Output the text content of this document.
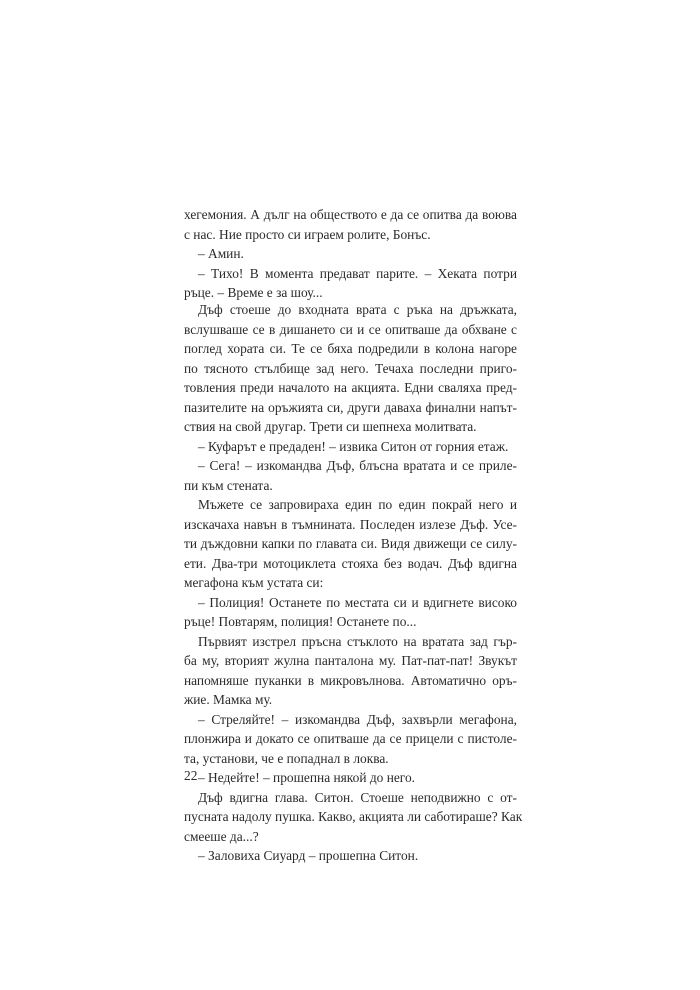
хегемония. А дълг на обществото е да се опитва да воюва
с нас. Ние просто си играем ролите, Бонъс.
– Амин.
– Тихо! В момента предават парите. – Хеката потри
ръце. – Време е за шоу...
Дъф стоеше до входната врата с ръка на дръжката,
вслушваше се в дишането си и се опитваше да обхване с
поглед хората си. Те се бяха подредили в колона нагоре
по тясното стълбище зад него. Течаха последни приго-
товления преди началото на акцията. Едни сваляха пред-
пазителите на оръжията си, други даваха финални напът-
ствия на свой другар. Трети си шепнеха молитвата.
– Куфарът е предаден! – извика Ситон от горния етаж.
– Сега! – изкомандва Дъф, блъсна вратата и се прилe-
пи към стената.
Мъжете се запровираха един по един покрай него и
изскачаха навън в тъмнината. Последен излезе Дъф. Усе-
ти дъждовни капки по главата си. Видя движещи се силу-
ети. Два-три мотоциклета стояха без водач. Дъф вдигна
мегафона към устата си:
– Полиция! Останете по местата си и вдигнете високо
ръце! Повтарям, полиция! Останете по...
Първият изстрел пръсна стъклото на вратата зад гър-
ба му, вторият жулна панталона му. Пат-пат-пат! Звукът
напомняше пуканки в микровълнова. Автоматично оръ-
жие. Мамка му.
– Стреляйте! – изкомандва Дъф, захвърли мегафона,
плонжира и докато се опитваше да се прицели с пистоле-
та, установи, че е попаднал в локва.
– Недейте! – прошепна някой до него.
Дъф вдигна глава. Ситон. Стоеше неподвижно с от-
пусната надолу пушка. Какво, акцията ли саботираше? Как
смееше да...?
– Заловиха Сиуард – прошепна Ситон.
22
